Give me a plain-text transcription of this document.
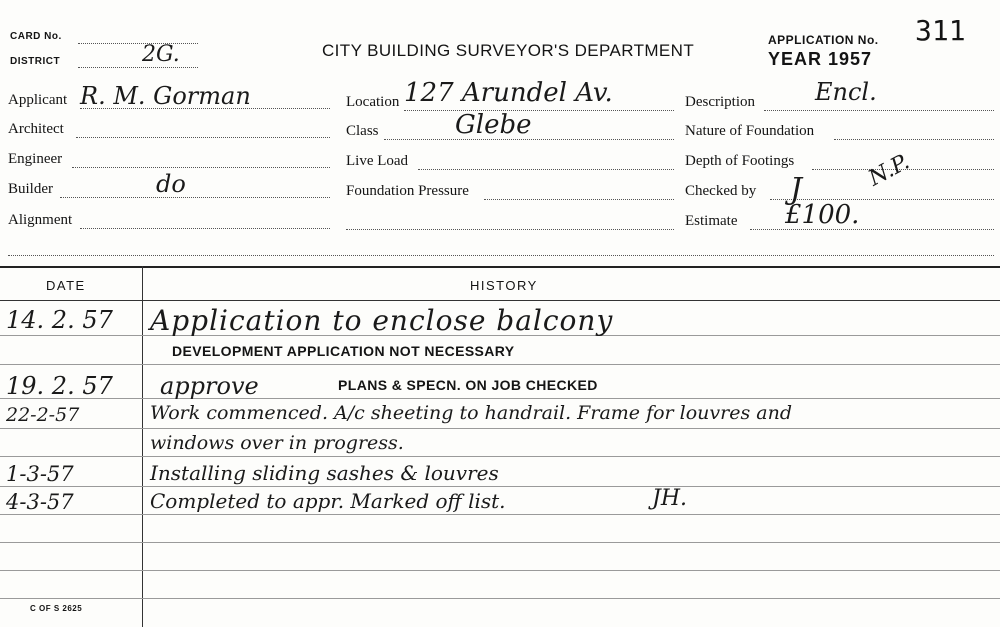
CARD No.
DISTRICT	2G.	CITY BUILDING SURVEYOR'S DEPARTMENT
APPLICATION No. 311
YEAR 1957
Applicant R. M. Gorman
Architect
Engineer
Builder	do
Alignment
Location 127 Arundel Av.
Class	Glebe
Live Load
Foundation Pressure
Description	Encl.
Nature of Foundation
Depth of Footings
Checked by J	N.P.
Estimate £100.
DATE	HISTORY
14. 2. 57 Application to enclose balcony
DEVELOPMENT APPLICATION NOT NECESSARY
19. 2. 57 approve	PLANS & SPECN. ON JOB CHECKED
22-2-57	Work commenced. A/c sheeting to handrail. Frame for louvres and
windows over in progress.
1-3-57	Installing sliding sashes & louvres
4-3-57	Completed to appr. Marked off list.	JH.
C OF S 2625
